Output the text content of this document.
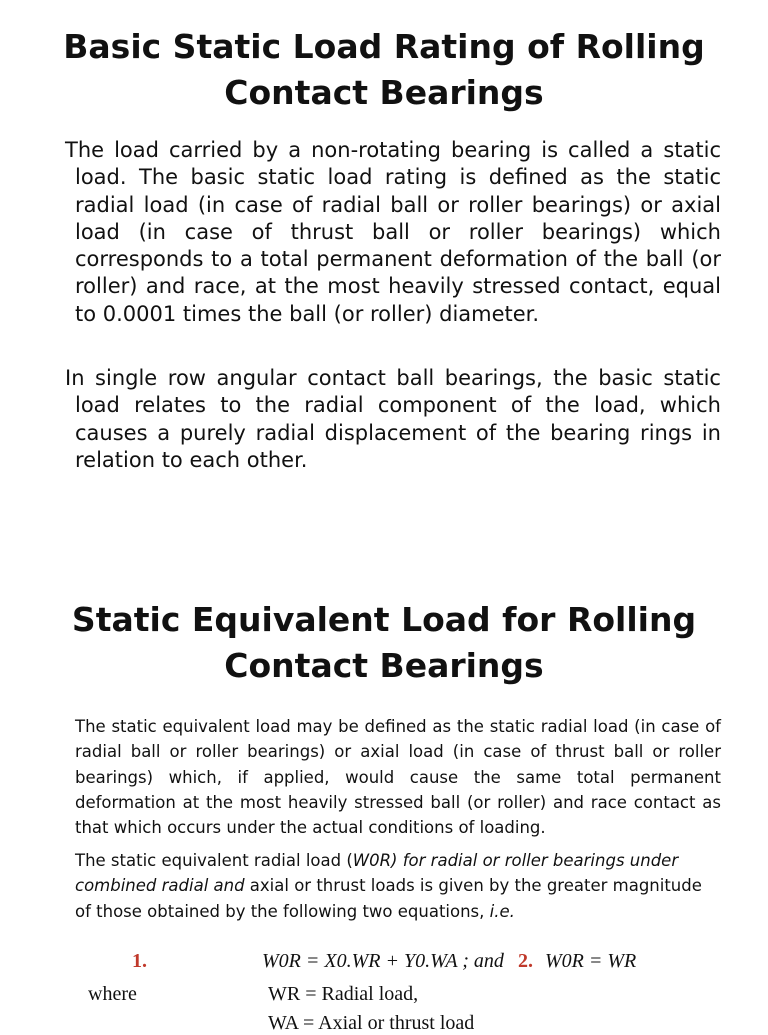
Basic Static Load Rating of Rolling
Contact Bearings
The load carried by a non-rotating bearing is called a static load. The basic static load rating is defined as the static radial load (in case of radial ball or roller bearings) or axial load (in case of thrust ball or roller bearings) which corresponds to a total permanent deformation of the ball (or roller) and race, at the most heavily stressed contact, equal to 0.0001 times the ball (or roller) diameter.
In single row angular contact ball bearings, the basic static load relates to the radial component of the load, which causes a purely radial displacement of the bearing rings in relation to each other.
Static Equivalent Load for Rolling
Contact Bearings
The static equivalent load may be defined as the static radial load (in case of radial ball or roller bearings) or axial load (in case of thrust ball or roller bearings) which, if applied, would cause the same total permanent deformation at the most heavily stressed ball (or roller) and race contact as that which occurs under the actual conditions of loading.
The static equivalent radial load (W0R) for radial or roller bearings under combined radial and axial or thrust loads is given by the greater magnitude of those obtained by the following two equations, i.e.
1.	W0R = X0.WR + Y0.WA ; and 2. W0R = WR
where	WR = Radial load,
WA = Axial or thrust load
